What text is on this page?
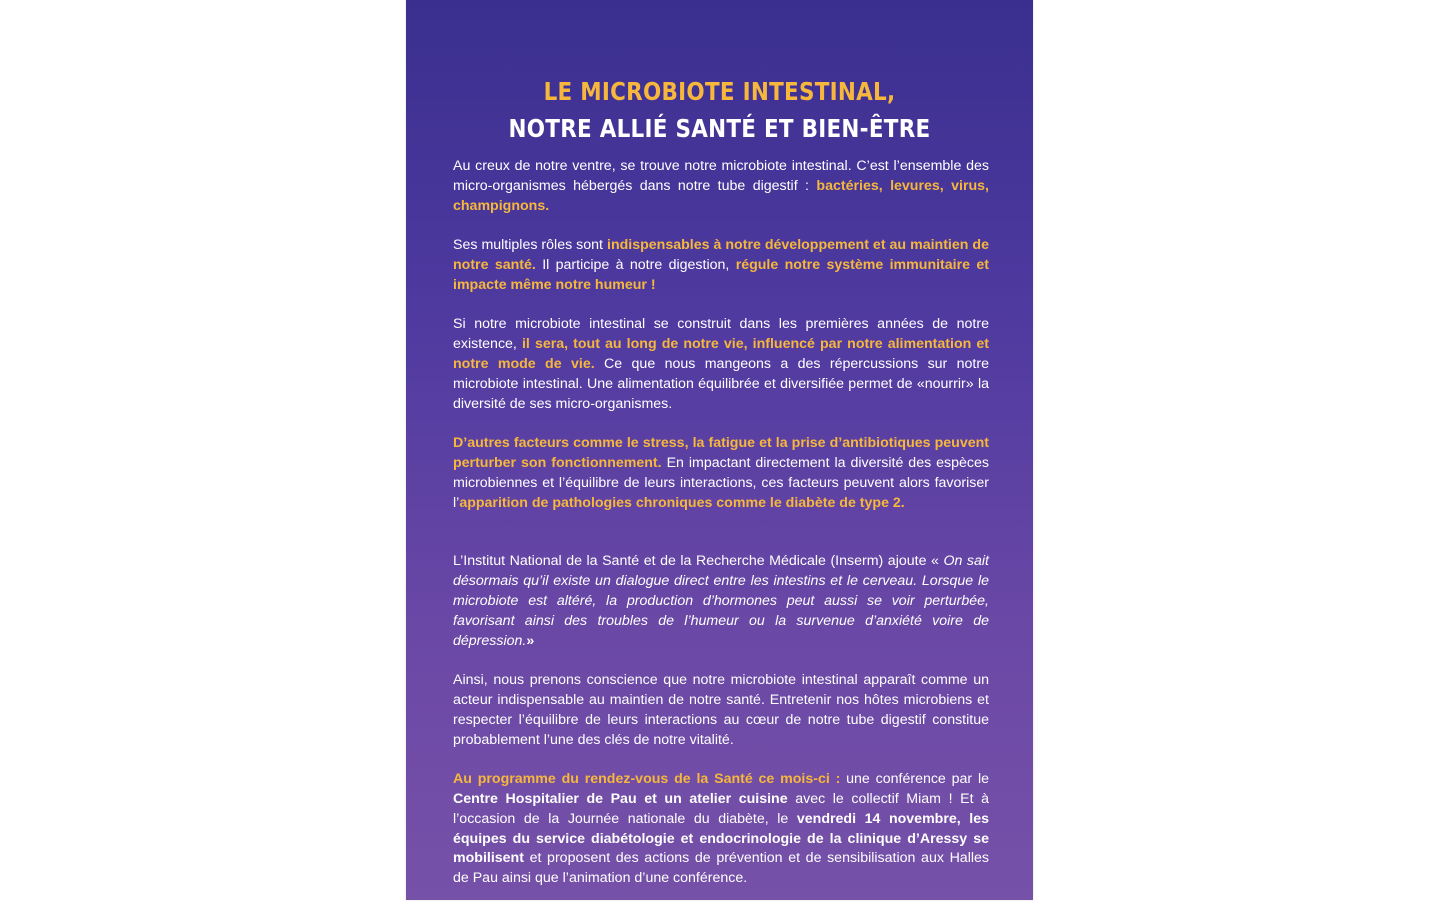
LE MICROBIOTE INTESTINAL,
NOTRE ALLIÉ SANTÉ ET BIEN-ÊTRE

Au creux de notre ventre, se trouve notre microbiote intestinal. C’est l’ensemble des micro-organismes hébergés dans notre tube digestif : bactéries, levures, virus, champignons.

Ses multiples rôles sont indispensables à notre développement et au maintien de notre santé. Il participe à notre digestion, régule notre système immunitaire et impacte même notre humeur !

Si notre microbiote intestinal se construit dans les premières années de notre existence, il sera, tout au long de notre vie, influencé par notre alimentation et notre mode de vie. Ce que nous mangeons a des répercussions sur notre microbiote intestinal. Une alimentation équilibrée et diversifiée permet de «nourrir» la diversité de ses micro-organismes.

D’autres facteurs comme le stress, la fatigue et la prise d’antibiotiques peuvent perturber son fonctionnement. En impactant directement la diversité des espèces microbiennes et l’équilibre de leurs interactions, ces facteurs peuvent alors favoriser l’apparition de pathologies chroniques comme le diabète de type 2.

L’Institut National de la Santé et de la Recherche Médicale (Inserm) ajoute « On sait désormais qu’il existe un dialogue direct entre les intestins et le cerveau. Lorsque le microbiote est altéré, la production d’hormones peut aussi se voir perturbée, favorisant ainsi des troubles de l’humeur ou la survenue d’anxiété voire de dépression.»

Ainsi, nous prenons conscience que notre microbiote intestinal apparaît comme un acteur indispensable au maintien de notre santé. Entretenir nos hôtes microbiens et respecter l’équilibre de leurs interactions au cœur de notre tube digestif constitue probablement l’une des clés de notre vitalité.

Au programme du rendez-vous de la Santé ce mois-ci : une conférence par le Centre Hospitalier de Pau et un atelier cuisine avec le collectif Miam ! Et à l’occasion de la Journée nationale du diabète, le vendredi 14 novembre, les équipes du service diabétologie et endocrinologie de la clinique d’Aressy se mobilisent et proposent des actions de prévention et de sensibilisation aux Halles de Pau ainsi que l’animation d’une conférence.
